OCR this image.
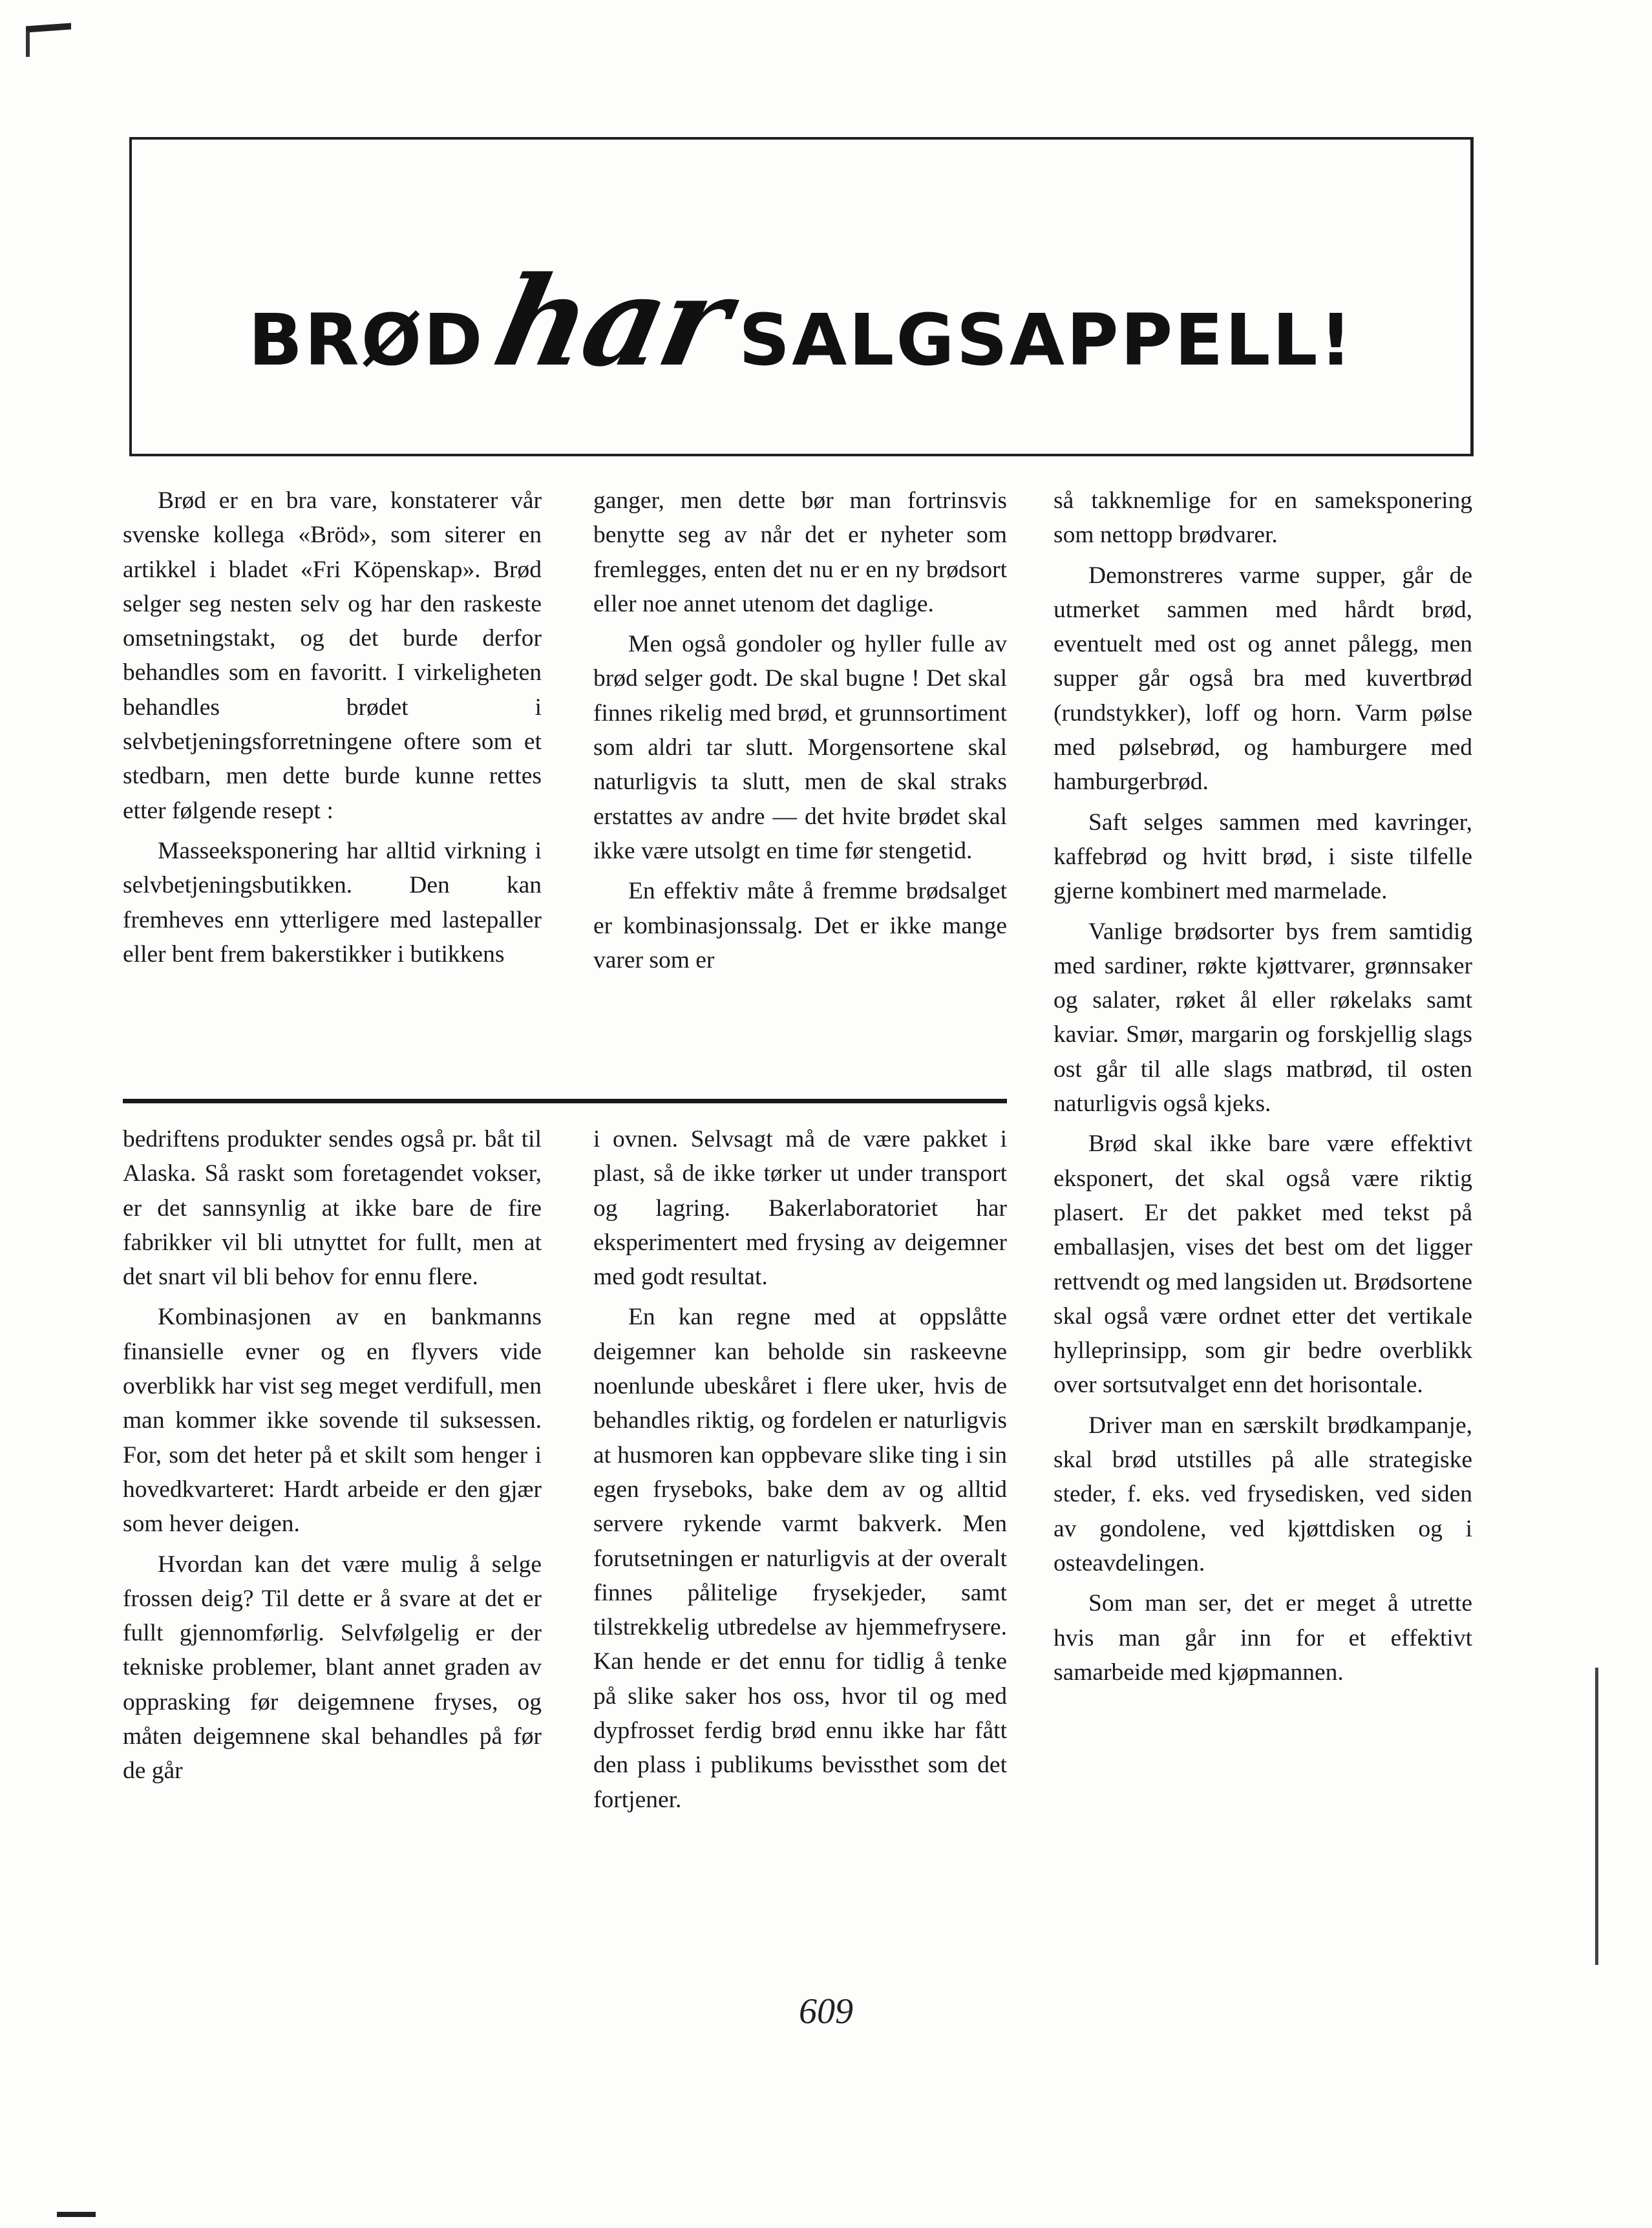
BRØDharSALGSAPPELL!

Brød er en bra vare, konstaterer vår svenske kollega «Bröd», som siterer en artikkel i bladet «Fri Köpenskap». Brød selger seg nesten selv og har den raskeste omsetningstakt, og det burde derfor behandles som en favoritt. I virkeligheten behandles brødet i selvbetjeningsforretningene oftere som et stedbarn, men dette burde kunne rettes etter følgende resept :

Masseeksponering har alltid virkning i selvbetjeningsbutikken. Den kan fremheves enn ytterligere med lastepaller eller bent frem bakerstikker i butikkens

ganger, men dette bør man fortrinsvis benytte seg av når det er nyheter som fremlegges, enten det nu er en ny brødsort eller noe annet utenom det daglige.

Men også gondoler og hyller fulle av brød selger godt. De skal bugne ! Det skal finnes rikelig med brød, et grunnsortiment som aldri tar slutt. Morgensortene skal naturligvis ta slutt, men de skal straks erstattes av andre — det hvite brødet skal ikke være utsolgt en time før stengetid.

En effektiv måte å fremme brødsalget er kombinasjonssalg. Det er ikke mange varer som er

så takknemlige for en sameksponering som nettopp brødvarer.

Demonstreres varme supper, går de utmerket sammen med hårdt brød, eventuelt med ost og annet pålegg, men supper går også bra med kuvertbrød (rundstykker), loff og horn. Varm pølse med pølsebrød, og hamburgere med hamburgerbrød.

Saft selges sammen med kavringer, kaffebrød og hvitt brød, i siste tilfelle gjerne kombinert med marmelade.

Vanlige brødsorter bys frem samtidig med sardiner, røkte kjøttvarer, grønnsaker og salater, røket ål eller røkelaks samt kaviar. Smør, margarin og forskjellig slags ost går til alle slags matbrød, til osten naturligvis også kjeks.

Brød skal ikke bare være effektivt eksponert, det skal også være riktig plasert. Er det pakket med tekst på emballasjen, vises det best om det ligger rettvendt og med langsiden ut. Brødsortene skal også være ordnet etter det vertikale hylleprinsipp, som gir bedre overblikk over sortsutvalget enn det horisontale.

Driver man en særskilt brødkampanje, skal brød utstilles på alle strategiske steder, f. eks. ved frysedisken, ved siden av gondolene, ved kjøttdisken og i osteavdelingen.

Som man ser, det er meget å utrette hvis man går inn for et effektivt samarbeide med kjøpmannen.

bedriftens produkter sendes også pr. båt til Alaska. Så raskt som foretagendet vokser, er det sannsynlig at ikke bare de fire fabrikker vil bli utnyttet for fullt, men at det snart vil bli behov for ennu flere.

Kombinasjonen av en bankmanns finansielle evner og en flyvers vide overblikk har vist seg meget verdifull, men man kommer ikke sovende til suksessen. For, som det heter på et skilt som henger i hovedkvarteret: Hardt arbeide er den gjær som hever deigen.

Hvordan kan det være mulig å selge frossen deig? Til dette er å svare at det er fullt gjennomførlig. Selvfølgelig er der tekniske problemer, blant annet graden av opprasking før deigemnene fryses, og måten deigemnene skal behandles på før de går

i ovnen. Selvsagt må de være pakket i plast, så de ikke tørker ut under transport og lagring. Bakerlaboratoriet har eksperimentert med frysing av deigemner med godt resultat.

En kan regne med at oppslåtte deigemner kan beholde sin raskeevne noenlunde ubeskåret i flere uker, hvis de behandles riktig, og fordelen er naturligvis at husmoren kan oppbevare slike ting i sin egen fryseboks, bake dem av og alltid servere rykende varmt bakverk. Men forutsetningen er naturligvis at der overalt finnes pålitelige frysekjeder, samt tilstrekkelig utbredelse av hjemmefrysere. Kan hende er det ennu for tidlig å tenke på slike saker hos oss, hvor til og med dypfrosset ferdig brød ennu ikke har fått den plass i publikums bevissthet som det fortjener.

609
